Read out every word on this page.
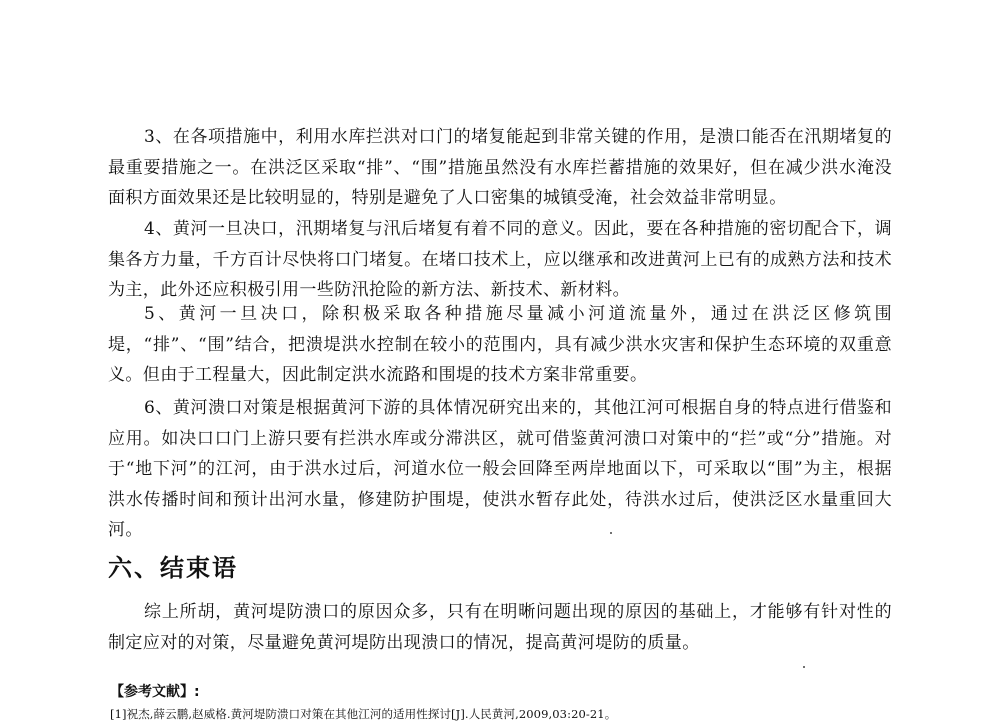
3、在各项措施中，利用水库拦洪对口门的堵复能起到非常关键的作用，是溃口能否在汛期堵复的最重要措施之一。在洪泛区采取“排”、“围”措施虽然没有水库拦蓄措施的效果好，但在减少洪水淹没面积方面效果还是比较明显的，特别是避免了人口密集的城镇受淹，社会效益非常明显。
4、黄河一旦决口，汛期堵复与汛后堵复有着不同的意义。因此，要在各种措施的密切配合下，调集各方力量，千方百计尽快将口门堵复。在堵口技术上，应以继承和改进黄河上已有的成熟方法和技术为主，此外还应积极引用一些防汛抢险的新方法、新技术、新材料。
5、黄河一旦决口，除积极采取各种措施尽量减小河道流量外，通过在洪泛区修筑围堤，“排”、“围”结合，把溃堤洪水控制在较小的范围内，具有减少洪水灾害和保护生态环境的双重意义。但由于工程量大，因此制定洪水流路和围堤的技术方案非常重要。
6、黄河溃口对策是根据黄河下游的具体情况研究出来的，其他江河可根据自身的特点进行借鉴和应用。如决口口门上游只要有拦洪水库或分滞洪区，就可借鉴黄河溃口对策中的“拦”或“分”措施。对于“地下河”的江河，由于洪水过后，河道水位一般会回降至两岸地面以下，可采取以“围”为主，根据洪水传播时间和预计出河水量，修建防护围堤，使洪水暂存此处，待洪水过后，使洪泛区水量重回大河。
六、结束语
综上所胡，黄河堤防溃口的原因众多，只有在明晰问题出现的原因的基础上，才能够有针对性的制定应对的对策，尽量避免黄河堤防出现溃口的情况，提高黄河堤防的质量。
【参考文献】:
[1]祝杰,薛云鹏,赵威格.黄河堤防溃口对策在其他江河的适用性探讨[J].人民黄河,2009,03:20-21。
